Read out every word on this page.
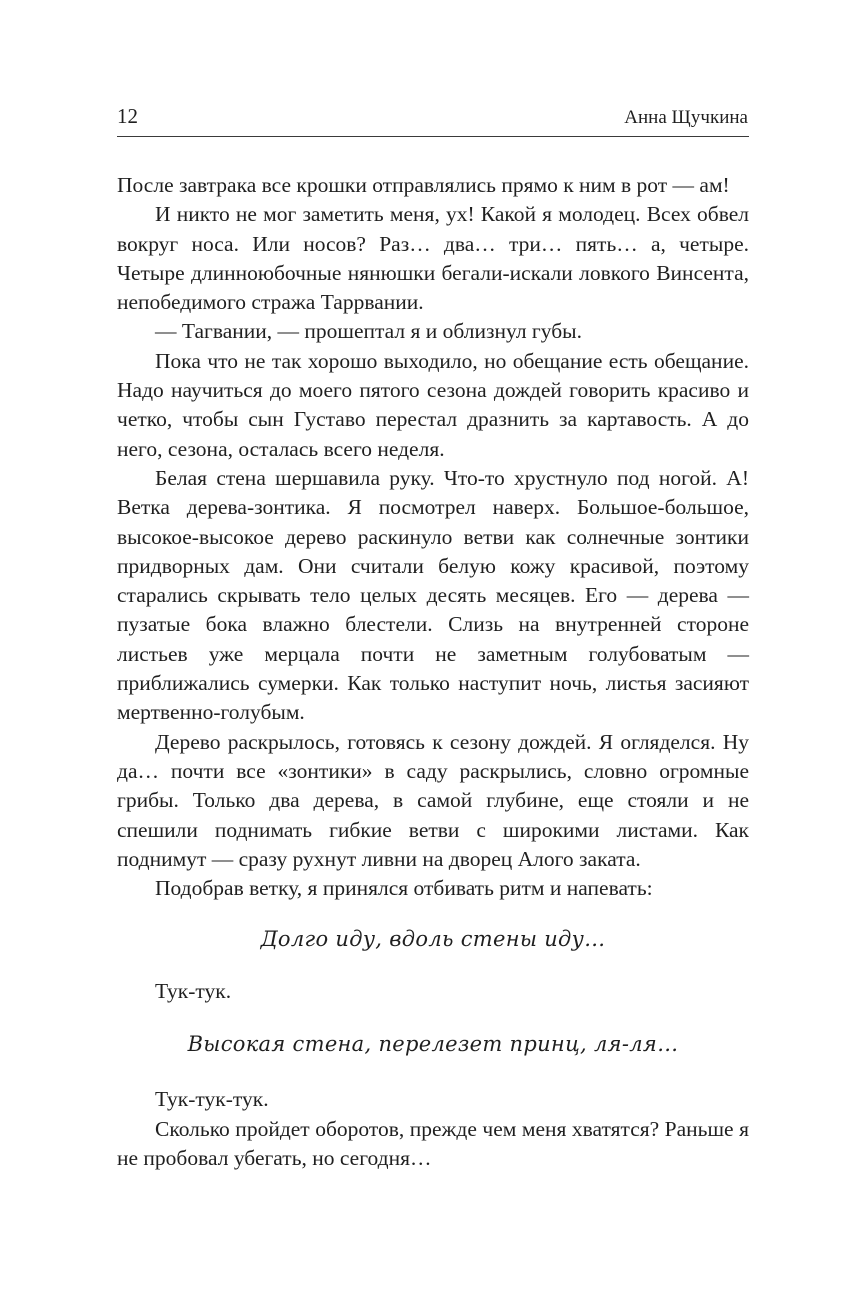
12	Анна Щучкина

После завтрака все крошки отправлялись прямо к ним в рот — ам!

И никто не мог заметить меня, ух! Какой я молодец. Всех обвел вокруг носа. Или носов? Раз… два… три… пять… а, четыре. Четыре длинноюбочные нянюшки бегали-искали ловкого Винсента, непобедимого стража Таррвании.

— Тагвании, — прошептал я и облизнул губы.

Пока что не так хорошо выходило, но обещание есть обещание. Надо научиться до моего пятого сезона дождей говорить красиво и четко, чтобы сын Густаво перестал дразнить за картавость. А до него, сезона, осталась всего неделя.

Белая стена шершавила руку. Что-то хрустнуло под ногой. А! Ветка дерева-зонтика. Я посмотрел наверх. Большое-большое, высокое-высокое дерево раскинуло ветви как солнечные зонтики придворных дам. Они считали белую кожу красивой, поэтому старались скрывать тело целых десять месяцев. Его — дерева — пузатые бока влажно блестели. Слизь на внутренней стороне листьев уже мерцала почти не заметным голубоватым — приближались сумерки. Как только наступит ночь, листья засияют мертвенно-голубым.

Дерево раскрылось, готовясь к сезону дождей. Я огляделся. Ну да… почти все «зонтики» в саду раскрылись, словно огромные грибы. Только два дерева, в самой глубине, еще стояли и не спешили поднимать гибкие ветви с широкими листами. Как поднимут — сразу рухнут ливни на дворец Алого заката.

Подобрав ветку, я принялся отбивать ритм и напевать:

Долго иду, вдоль стены иду…

Тук-тук.

Высокая стена, перелезет принц, ля-ля…

Тук-тук-тук.

Сколько пройдет оборотов, прежде чем меня хватятся? Раньше я не пробовал убегать, но сегодня…
